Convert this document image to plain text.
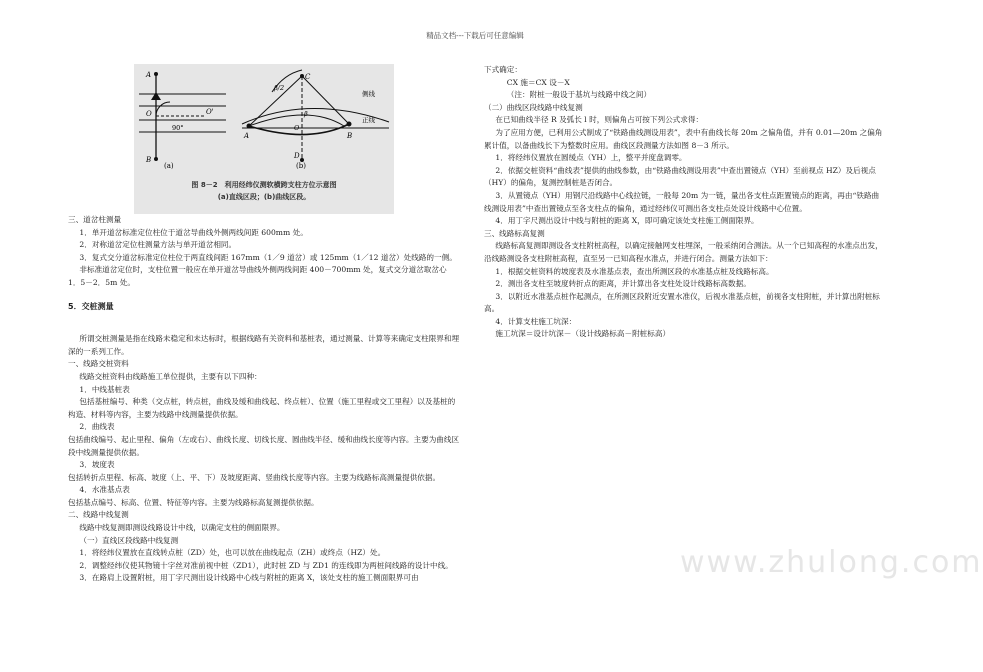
精品文档---下载后可任意编辑
A
B
O	O'
90°
(a)
A	B
C
D
β/2
β
O
侧线
正线
(b)
图 8－2　利用经纬仪测软横跨支柱方位示意图
(a)直线区段；(b)曲线区段。

三、道岔柱测量

1．单开道岔标准定位柱位于道岔导曲线外侧两线间距 600mm 处。

2．对称道岔定位柱测量方法与单开道岔相同。

3．复式交分道岔标准定位柱位于两直线间距 167mm（1／9 道岔）或 125mm（1／12 道岔）处线路的一侧。

非标准道岔定位时，支柱位置一般应在单开道岔导曲线外侧两线间距 400－700mm 处，复式交分道岔取岔心 1．5－2．5m 处。

5．交桩测量

所谓交桩测量是指在线路未稳定和未达标时，根据线路有关资料和基桩表，通过测量、计算等来确定支柱限界和埋深的一系列工作。

一、线路交桩资料

线路交桩资料由线路施工单位提供，主要有以下四种：

1．中线基桩表

包括基桩编号、种类（交点桩，转点桩，曲线及缓和曲线起、终点桩）、位置（施工里程或交工里程）以及基桩的构造、材料等内容，主要为线路中线测量提供依据。

2．曲线表

包括曲线编号、起止里程、偏角（左或右）、曲线长度、切线长度、圆曲线半径、缓和曲线长度等内容。主要为曲线区段中线测量提供依据。

3．坡度表

包括转折点里程、标高、坡度（上、平、下）及坡度距离、竖曲线长度等内容。主要为线路标高测量提供依据。

4．水准基点表

包括基点编号、标高、位置、特征等内容。主要为线路标高复测提供依据。

二、线路中线复测

线路中线复测即测设线路设计中线，以确定支柱的侧面限界。

（一）直线区段线路中线复测

1．将经纬仪置放在直线转点桩（ZD）处，也可以放在曲线起点（ZH）或终点（HZ）处。

2．调整经纬仪使其物镜十字丝对准前视中桩（ZD1），此时桩 ZD 与 ZD1 的连线即为两桩间线路的设计中线。

3．在路肩上设置附桩，用丁字尺测出设计线路中心线与附桩的距离 X，该处支柱的施工侧面限界可由

下式确定：

CX 施＝CX 设－X

（注：附桩一般设于基坑与线路中线之间）

（二）曲线区段线路中线复测

在已知曲线半径 R 及弧长 l 时，则偏角占可按下列公式求得：

为了应用方便，已利用公式制成了“铁路曲线测设用表”，表中有曲线长每 20m 之偏角值，并有 0.01—20m 之偏角累计值，以备曲线长下为整数时应用。曲线区段测量方法如图 8－3 所示。

1．将经纬仪置放在圆缓点（YH）上，整平并度盘调零。

2．依据交桩资料“曲线表”提供的曲线参数，由“铁路曲线测设用表”中查出置镜点（YH）至前视点 HZ）及后视点（HY）的偏角，复测控制桩是否闭合。

3．从置镜点（YH）用钢尺沿线路中心线拉链，一般每 20m 为一链，量出各支柱点距置镜点的距离，再由“铁路曲线测设用表”中查出置镜点至各支柱点的偏角，通过经纬仪可测出各支柱点处设计线路中心位置。

4．用丁字尺测出设计中线与附桩的距离 X，即可确定该处支柱施工侧面限界。

三、线路标高复测

线路标高复测即测设各支柱附桩高程，以确定接触网支柱埋深，一般采纳闭合测法。从一个已知高程的水准点出发，沿线路测设各支柱附桩高程，直至另一已知高程水准点，并进行闭合。测量方法如下：

1．根据交桩资料的坡度表及水准基点表，查出所测区段的水准基点桩及线路标高。

2．测出各支柱至坡度转折点的距离，并计算出各支柱处设计线路标高数据。

3．以附近水准基点桩作起测点，在所测区段附近安置水准仪，后视水准基点桩，前视各支柱附桩，并计算出附桩标高。

4．计算支柱施工坑深：

施工坑深＝设计坑深－（设计线路标高－附桩标高）

www.zhulong.com
